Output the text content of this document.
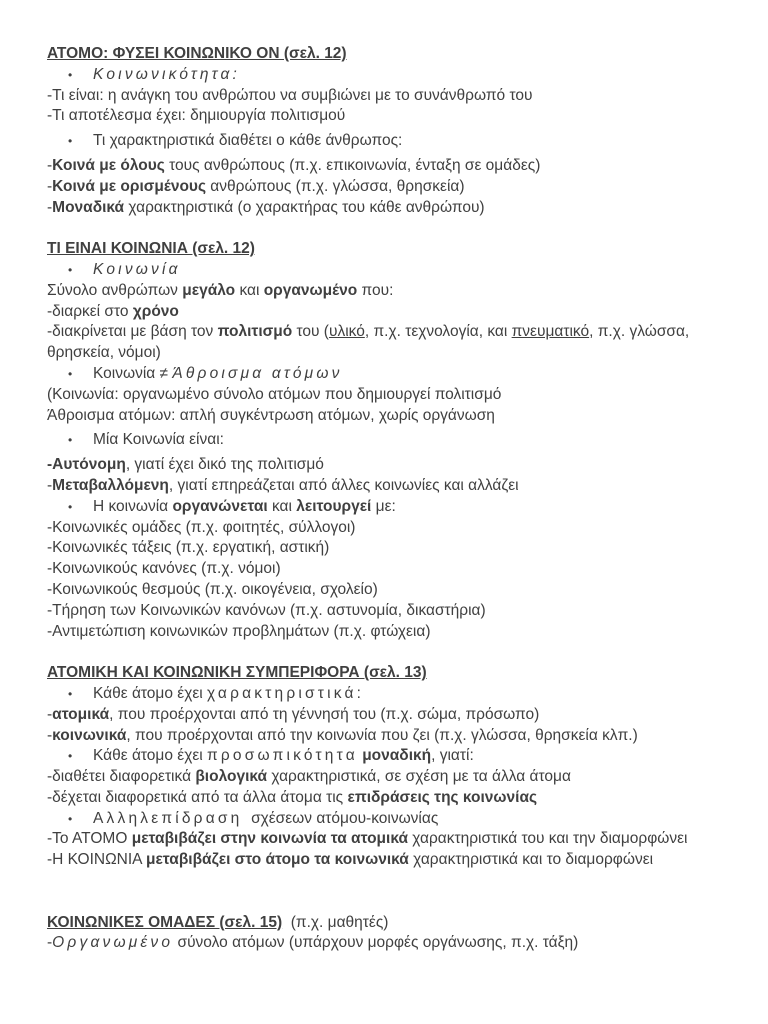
ΑΤΟΜΟ: ΦΥΣΕΙ ΚΟΙΝΩΝΙΚΟ ΟΝ (σελ. 12)
• Κοινωνικότητα:
-Τι είναι: η ανάγκη του ανθρώπου να συμβιώνει με το συνάνθρωπό του
-Τι αποτέλεσμα έχει: δημιουργία πολιτισμού
• Τι χαρακτηριστικά διαθέτει ο κάθε άνθρωπος:
-Κοινά με όλους τους ανθρώπους (π.χ. επικοινωνία, ένταξη σε ομάδες)
-Κοινά με ορισμένους ανθρώπους (π.χ. γλώσσα, θρησκεία)
-Μοναδικά χαρακτηριστικά (ο χαρακτήρας του κάθε ανθρώπου)
ΤΙ ΕΙΝΑΙ ΚΟΙΝΩΝΙΑ (σελ. 12)
• Κοινωνία
Σύνολο ανθρώπων μεγάλο και οργανωμένο που:
-διαρκεί στο χρόνο
-διακρίνεται με βάση τον πολιτισμό του (υλικό, π.χ. τεχνολογία, και πνευματικό, π.χ. γλώσσα, θρησκεία, νόμοι)
• Κοινωνία ≠ Άθροισμα ατόμων
(Κοινωνία: οργανωμένο σύνολο ατόμων που δημιουργεί πολιτισμό
Άθροισμα ατόμων: απλή συγκέντρωση ατόμων, χωρίς οργάνωση
• Μία Κοινωνία είναι:
-Αυτόνομη, γιατί έχει δικό της πολιτισμό
-Μεταβαλλόμενη, γιατί επηρεάζεται από άλλες κοινωνίες και αλλάζει
• Η κοινωνία οργανώνεται και λειτουργεί με:
-Κοινωνικές ομάδες (π.χ. φοιτητές, σύλλογοι)
-Κοινωνικές τάξεις (π.χ. εργατική, αστική)
-Κοινωνικούς κανόνες (π.χ. νόμοι)
-Κοινωνικούς θεσμούς (π.χ. οικογένεια, σχολείο)
-Τήρηση των Κοινωνικών κανόνων (π.χ. αστυνομία, δικαστήρια)
-Αντιμετώπιση κοινωνικών προβλημάτων (π.χ. φτώχεια)
ΑΤΟΜΙΚΗ ΚΑΙ ΚΟΙΝΩΝΙΚΗ ΣΥΜΠΕΡΙΦΟΡΑ (σελ. 13)
• Κάθε άτομο έχει χαρακτηριστικά:
-ατομικά, που προέρχονται από τη γέννησή του (π.χ. σώμα, πρόσωπο)
-κοινωνικά, που προέρχονται από την κοινωνία που ζει (π.χ. γλώσσα, θρησκεία κλπ.)
• Κάθε άτομο έχει προσωπικότητα μοναδική, γιατί:
-διαθέτει διαφορετικά βιολογικά χαρακτηριστικά, σε σχέση με τα άλλα άτομα
-δέχεται διαφορετικά από τα άλλα άτομα τις επιδράσεις της κοινωνίας
• Αλληλεπίδραση  σχέσεων ατόμου-κοινωνίας
-Το ΑΤΟΜΟ μεταβιβάζει στην κοινωνία τα ατομικά χαρακτηριστικά του και την διαμορφώνει
-Η ΚΟΙΝΩΝΙΑ μεταβιβάζει στο άτομο τα κοινωνικά χαρακτηριστικά και το διαμορφώνει
ΚΟΙΝΩΝΙΚΕΣ ΟΜΑΔΕΣ (σελ. 15)  (π.χ. μαθητές)
-Οργανωμένο σύνολο ατόμων (υπάρχουν μορφές οργάνωσης, π.χ. τάξη)
